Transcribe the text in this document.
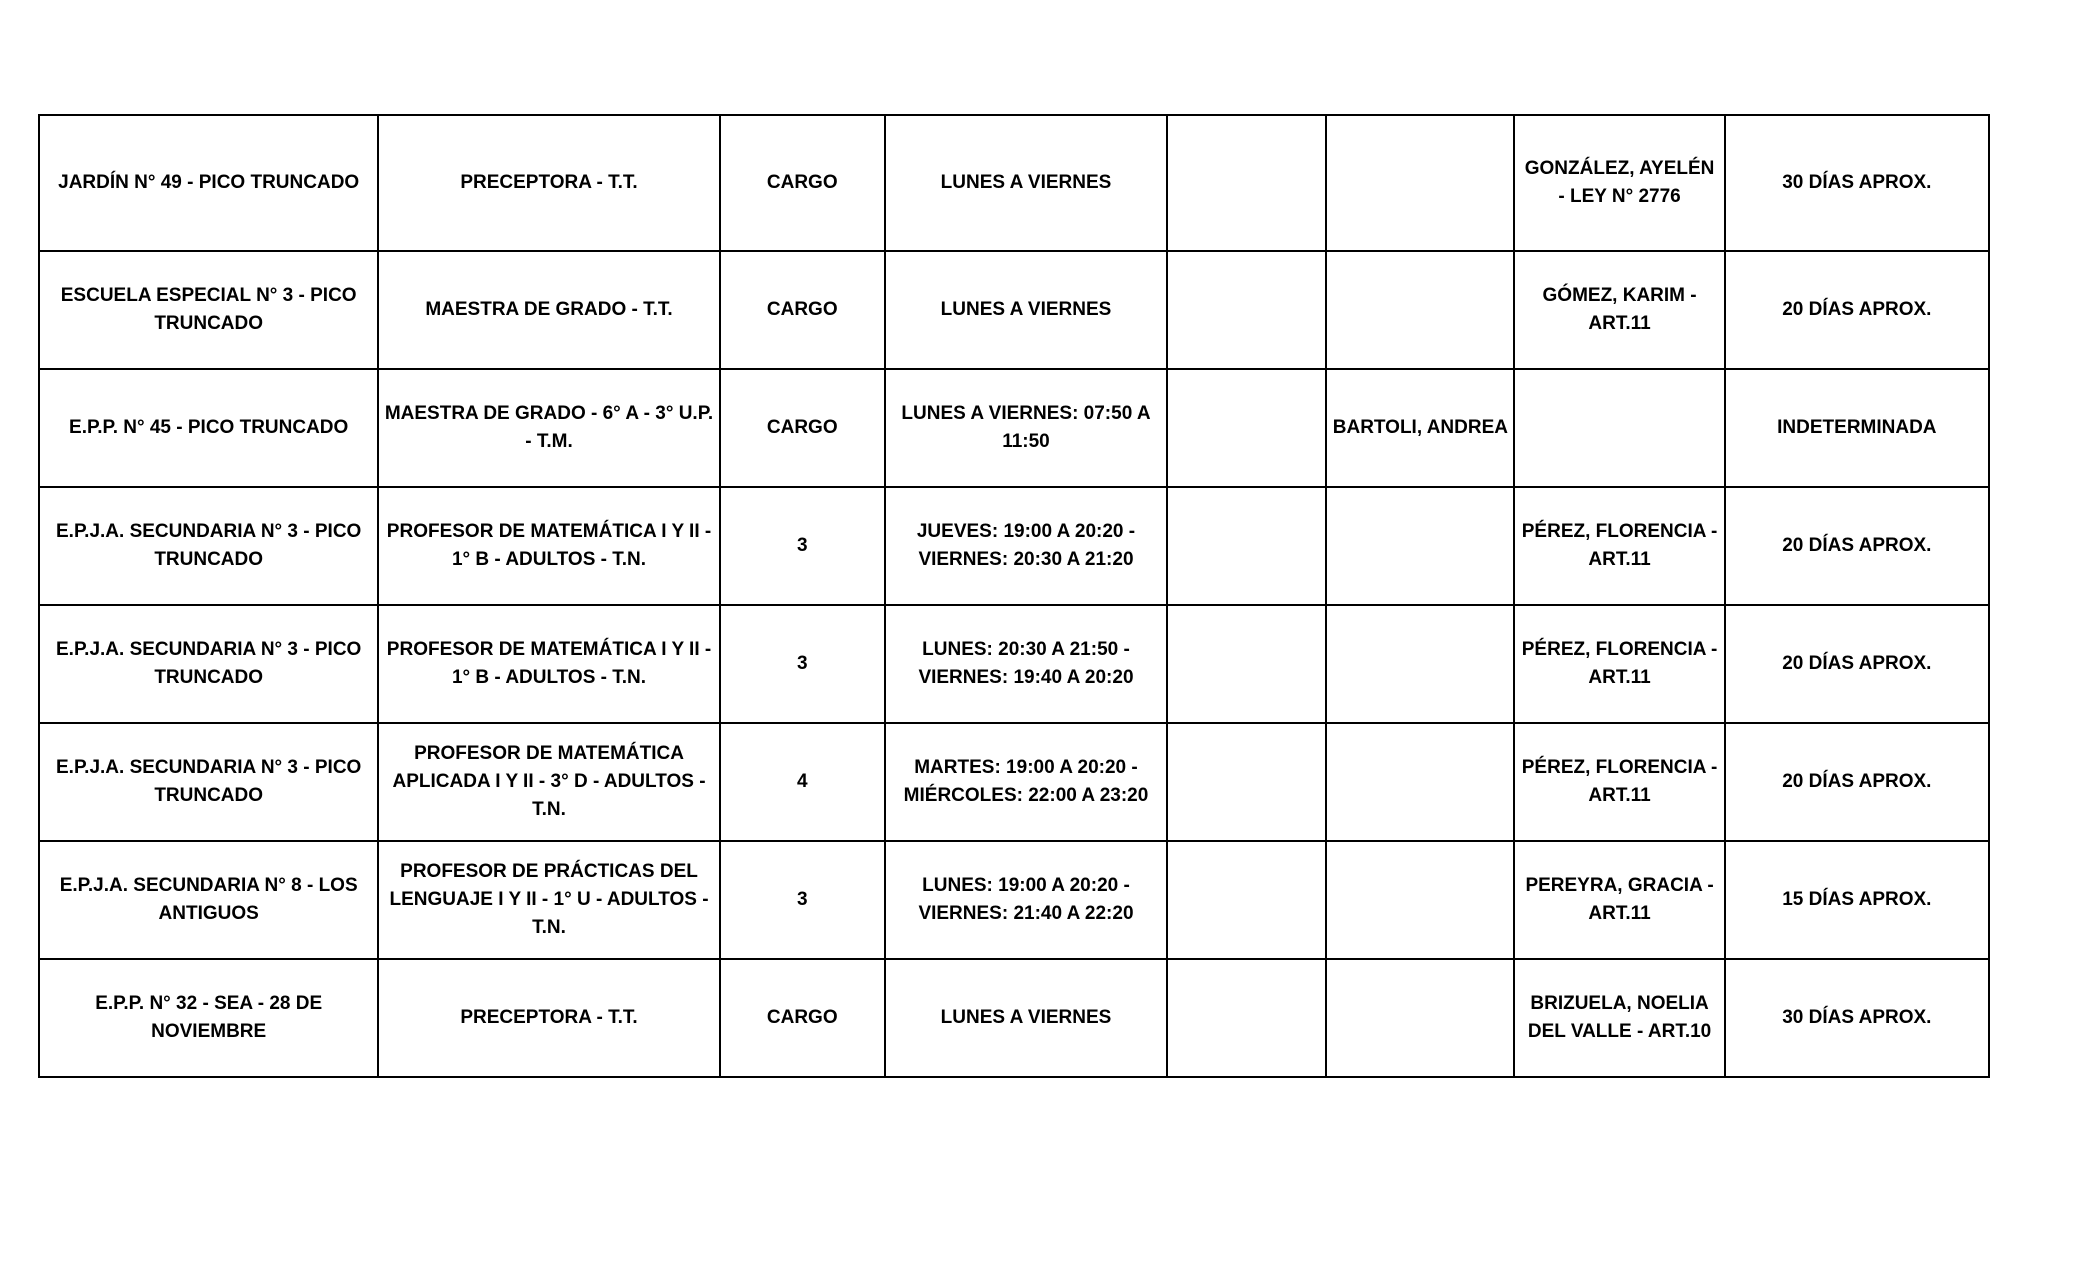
JARDÍN N° 49 - PICO TRUNCADO	PRECEPTORA - T.T.	CARGO	LUNES A VIERNES			GONZÁLEZ, AYELÉN - LEY N° 2776	30 DÍAS APROX.

ESCUELA ESPECIAL N° 3 - PICO TRUNCADO	MAESTRA DE GRADO - T.T.	CARGO	LUNES A VIERNES			GÓMEZ, KARIM - ART.11	20 DÍAS APROX.

E.P.P. N° 45 - PICO TRUNCADO	MAESTRA DE GRADO - 6° A - 3° U.P. - T.M.	CARGO	LUNES A VIERNES: 07:50 A 11:50		BARTOLI, ANDREA		INDETERMINADA

E.P.J.A. SECUNDARIA N° 3 - PICO TRUNCADO	PROFESOR DE MATEMÁTICA I Y II - 1° B - ADULTOS - T.N.	3	JUEVES: 19:00 A 20:20 - VIERNES: 20:30 A 21:20			PÉREZ, FLORENCIA - ART.11	20 DÍAS APROX.

E.P.J.A. SECUNDARIA N° 3 - PICO TRUNCADO	PROFESOR DE MATEMÁTICA I Y II - 1° B - ADULTOS - T.N.	3	LUNES: 20:30 A 21:50 - VIERNES: 19:40 A 20:20			PÉREZ, FLORENCIA - ART.11	20 DÍAS APROX.

E.P.J.A. SECUNDARIA N° 3 - PICO TRUNCADO	PROFESOR DE MATEMÁTICA APLICADA I Y II - 3° D - ADULTOS - T.N.	4	MARTES: 19:00 A 20:20 - MIÉRCOLES: 22:00 A 23:20			PÉREZ, FLORENCIA - ART.11	20 DÍAS APROX.

E.P.J.A. SECUNDARIA N° 8 - LOS ANTIGUOS	PROFESOR DE PRÁCTICAS DEL LENGUAJE I Y II - 1° U - ADULTOS - T.N.	3	LUNES: 19:00 A 20:20 - VIERNES: 21:40 A 22:20			PEREYRA, GRACIA - ART.11	15 DÍAS APROX.

E.P.P. N° 32 - SEA - 28 DE NOVIEMBRE	PRECEPTORA - T.T.	CARGO	LUNES A VIERNES			BRIZUELA, NOELIA DEL VALLE - ART.10	30 DÍAS APROX.
